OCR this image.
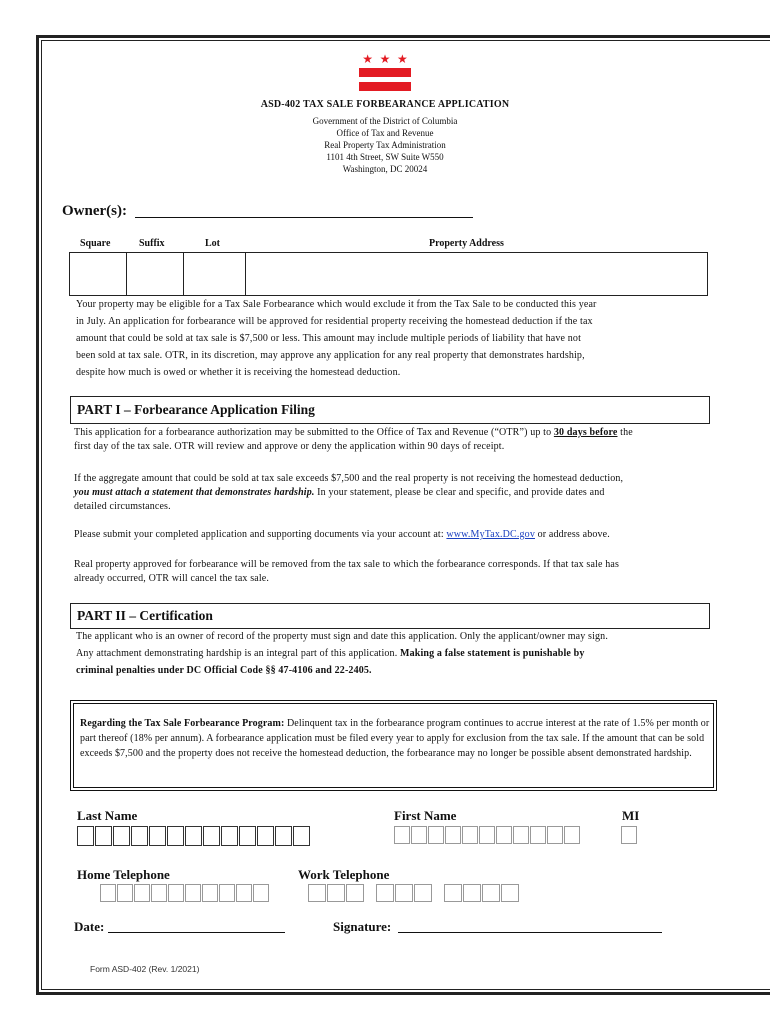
★ ★ ★
ASD-402 TAX SALE FORBEARANCE APPLICATION
Government of the District of Columbia
Office of Tax and Revenue
Real Property Tax Administration
1101 4th Street, SW Suite W550
Washington, DC 20024
Owner(s):
Square	Suffix	Lot	Property Address
Your property may be eligible for a Tax Sale Forbearance which would exclude it from the Tax Sale to be conducted this year
in July. An application for forbearance will be approved for residential property receiving the homestead deduction if the tax
amount that could be sold at tax sale is $7,500 or less. This amount may include multiple periods of liability that have not
been sold at tax sale. OTR, in its discretion, may approve any application for any real property that demonstrates hardship,
despite how much is owed or whether it is receiving the homestead deduction.
PART I – Forbearance Application Filing
This application for a forbearance authorization may be submitted to the Office of Tax and Revenue (“OTR”) up to 30 days before the
first day of the tax sale. OTR will review and approve or deny the application within 90 days of receipt.
If the aggregate amount that could be sold at tax sale exceeds $7,500 and the real property is not receiving the homestead deduction,
you must attach a statement that demonstrates hardship. In your statement, please be clear and specific, and provide dates and
detailed circumstances.
Please submit your completed application and supporting documents via your account at: www.MyTax.DC.gov or address above.
Real property approved for forbearance will be removed from the tax sale to which the forbearance corresponds. If that tax sale has
already occurred, OTR will cancel the tax sale.
PART II – Certification
The applicant who is an owner of record of the property must sign and date this application. Only the applicant/owner may sign.
Any attachment demonstrating hardship is an integral part of this application. Making a false statement is punishable by
criminal penalties under DC Official Code §§ 47-4106 and 22-2405.
Regarding the Tax Sale Forbearance Program: Delinquent tax in the forbearance program continues to accrue interest at the rate of 1.5% per month or part thereof (18% per annum). A forbearance application must be filed every year to apply for exclusion from the tax sale. If the amount that can be sold exceeds $7,500 and the property does not receive the homestead deduction, the forbearance may no longer be possible absent demonstrated hardship.
Last Name	First Name	MI
Home Telephone	Work Telephone
Date:	Signature:
Form ASD-402 (Rev. 1/2021)
